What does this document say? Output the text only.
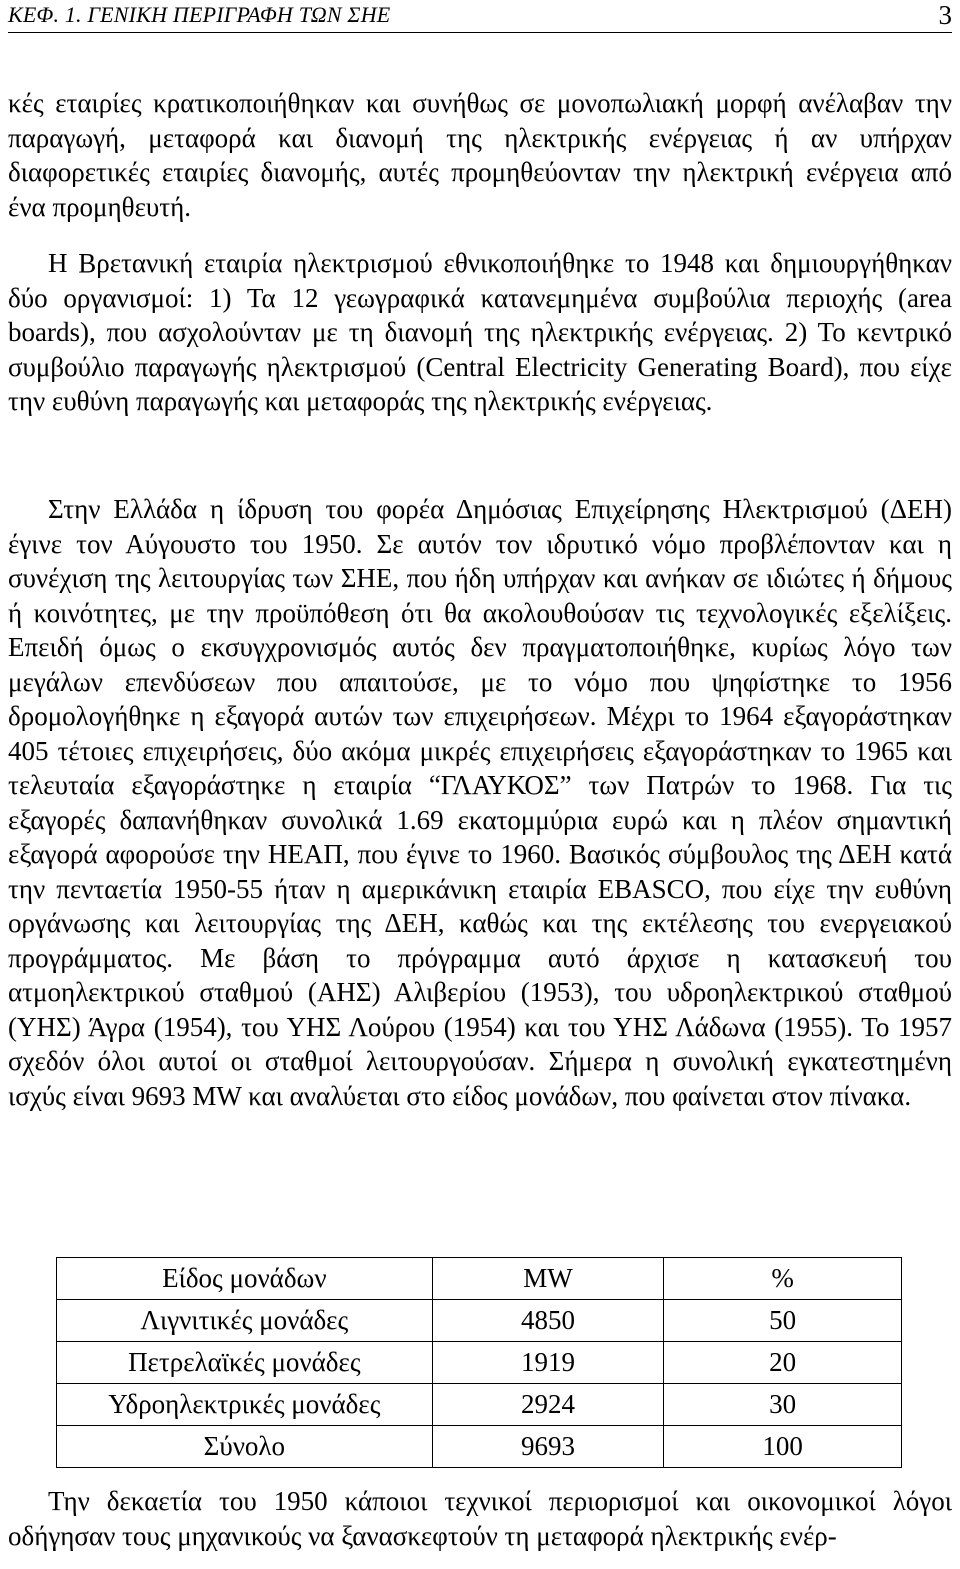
ΚΕΦ. 1. ΓΕΝΙΚΗ ΠΕΡΙΓΡΑΦΗ ΤΩΝ ΣΗΕ	3

κές εταιρίες κρατικοποιήθηκαν και συνήθως σε μονοπωλιακή μορφή ανέλαβαν την παραγωγή, μεταφορά και διανομή της ηλεκτρικής ενέργειας ή αν υπήρχαν διαφορετικές εταιρίες διανομής, αυτές προμηθεύονταν την ηλεκτρική ενέργεια από ένα προμηθευτή.

Η Βρετανική εταιρία ηλεκτρισμού εθνικοποιήθηκε το 1948 και δημιουργήθηκαν δύο οργανισμοί: 1) Τα 12 γεωγραφικά κατανεμημένα συμβούλια περιοχής (area boards), που ασχολούνταν με τη διανομή της ηλεκτρικής ενέργειας. 2) Το κεντρικό συμβούλιο παραγωγής ηλεκτρισμού (Central Electricity Generating Board), που είχε την ευθύνη παραγωγής και μεταφοράς της ηλεκτρικής ενέργειας.

Στην Ελλάδα η ίδρυση του φορέα Δημόσιας Επιχείρησης Ηλεκτρισμού (ΔΕΗ) έγινε τον Αύγουστο του 1950. Σε αυτόν τον ιδρυτικό νόμο προβλέπονταν και η συνέχιση της λειτουργίας των ΣΗΕ, που ήδη υπήρχαν και ανήκαν σε ιδιώτες ή δήμους ή κοινότητες, με την προϋπόθεση ότι θα ακολουθούσαν τις τεχνολογικές εξελίξεις. Επειδή όμως ο εκσυγχρονισμός αυτός δεν πραγματοποιήθηκε, κυρίως λόγο των μεγάλων επενδύσεων που απαιτούσε, με το νόμο που ψηφίστηκε το 1956 δρομολογήθηκε η εξαγορά αυτών των επιχειρήσεων. Μέχρι το 1964 εξαγοράστηκαν 405 τέτοιες επιχειρήσεις, δύο ακόμα μικρές επιχειρήσεις εξαγοράστηκαν το 1965 και τελευταία εξαγοράστηκε η εταιρία “ΓΛΑΥΚΟΣ” των Πατρών το 1968. Για τις εξαγορές δαπανήθηκαν συνολικά 1.69 εκατομμύρια ευρώ και η πλέον σημαντική εξαγορά αφορούσε την ΗΕΑΠ, που έγινε το 1960. Βασικός σύμβουλος της ΔΕΗ κατά την πενταετία 1950-55 ήταν η αμερικάνικη εταιρία EBASCO, που είχε την ευθύνη οργάνωσης και λειτουργίας της ΔΕΗ, καθώς και της εκτέλεσης του ενεργειακού προγράμματος. Με βάση το πρόγραμμα αυτό άρχισε η κατασκευή του ατμοηλεκτρικού σταθμού (ΑΗΣ) Αλιβερίου (1953), του υδροηλεκτρικού σταθμού (ΥΗΣ) Άγρα (1954), του ΥΗΣ Λούρου (1954) και του ΥΗΣ Λάδωνα (1955). Το 1957 σχεδόν όλοι αυτοί οι σταθμοί λειτουργούσαν. Σήμερα η συνολική εγκατεστημένη ισχύς είναι 9693 MW και αναλύεται στο είδος μονάδων, που φαίνεται στον πίνακα.

Είδος μονάδων	MW	%
Λιγνιτικές μονάδες	4850	50
Πετρελαϊκές μονάδες	1919	20
Υδροηλεκτρικές μονάδες	2924	30
Σύνολο	9693	100

Την δεκαετία του 1950 κάποιοι τεχνικοί περιορισμοί και οικονομικοί λόγοι οδήγησαν τους μηχανικούς να ξανασκεφτούν τη μεταφορά ηλεκτρικής ενέρ-
